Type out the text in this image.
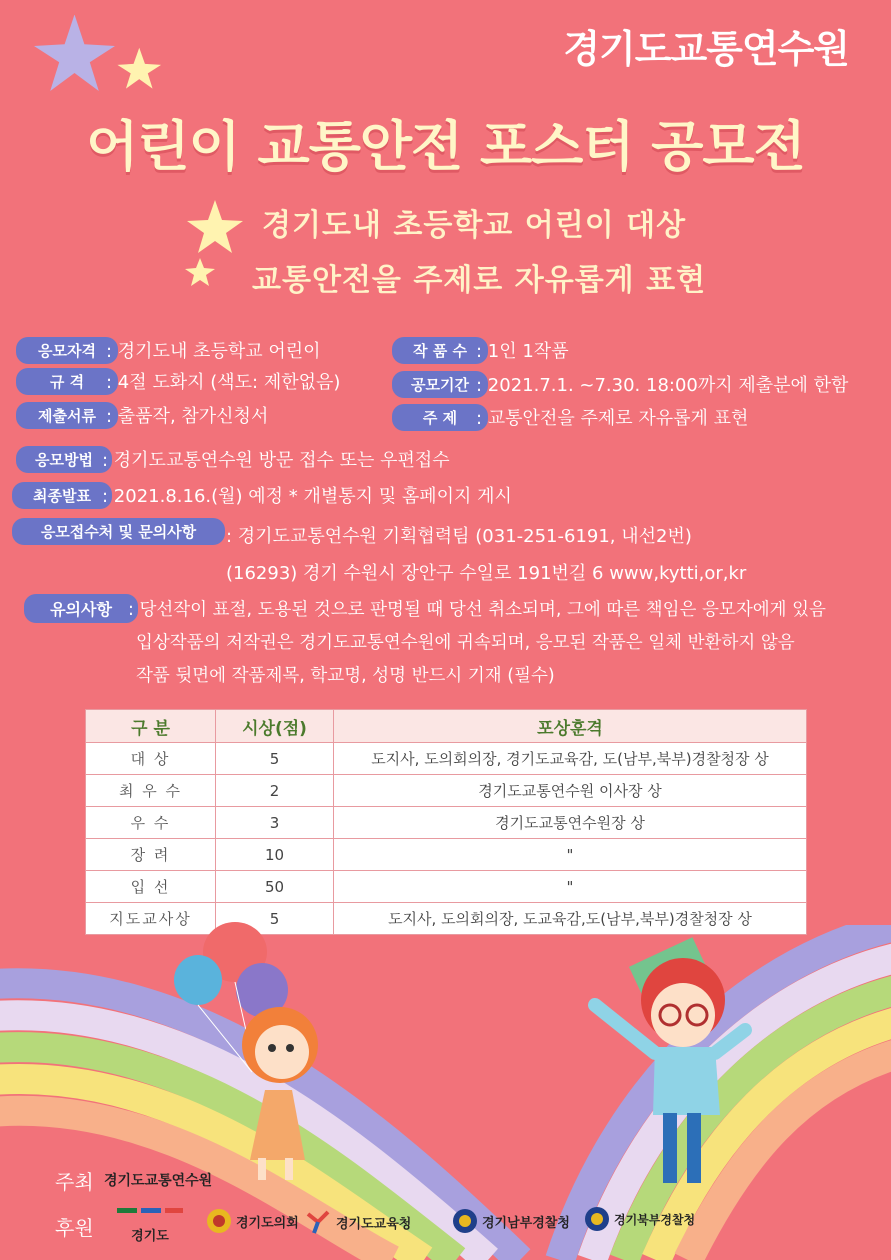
경기도교통연수원
어린이 교통안전 포스터 공모전
경기도내 초등학교 어린이 대상
교통안전을 주제로 자유롭게 표현
응모자격 : 경기도내 초등학교 어린이
규 격	: 4절 도화지 (색도: 제한없음)
제출서류 : 출품작, 참가신청서
작 품 수 : 1인 1작품
공모기간 : 2021.7.1. ~7.30. 18:00까지 제출분에 한함
주 제	: 교통안전을 주제로 자유롭게 표현
응모방법 : 경기도교통연수원 방문 접수 또는 우편접수
최종발표 : 2021.8.16.(월) 예정 * 개별통지 및 홈페이지 게시
응모접수처 및 문의사항	: 경기도교통연수원 기획협력팀 (031-251-6191, 내선2번)
(16293) 경기 수원시 장안구 수일로 191번길 6 www,kytti,or,kr
유의사항 : 당선작이 표절, 도용된 것으로 판명될 때 당선 취소되며, 그에 따른 책임은 응모자에게 있음
입상작품의 저작권은 경기도교통연수원에 귀속되며, 응모된 작품은 일체 반환하지 않음
작품 뒷면에 작품제목, 학교명, 성명 반드시 기재 (필수)
구 분	시상(점)	포상훈격
대 상	5	도지사, 도의회의장, 경기도교육감, 도(남부,북부)경찰청장 상
최 우 수	2	경기도교통연수원 이사장 상
우 수	3	경기도교통연수원장 상
장 려	10	"
입 선	50	"
지도교사상	5	도지사, 도의회의장, 도교육감,도(남부,북부)경찰청장 상
주최 경기도교통연수원
후원	경기도
경기도의회	경기도교육청	경기남부경찰청	경기북부경찰청
